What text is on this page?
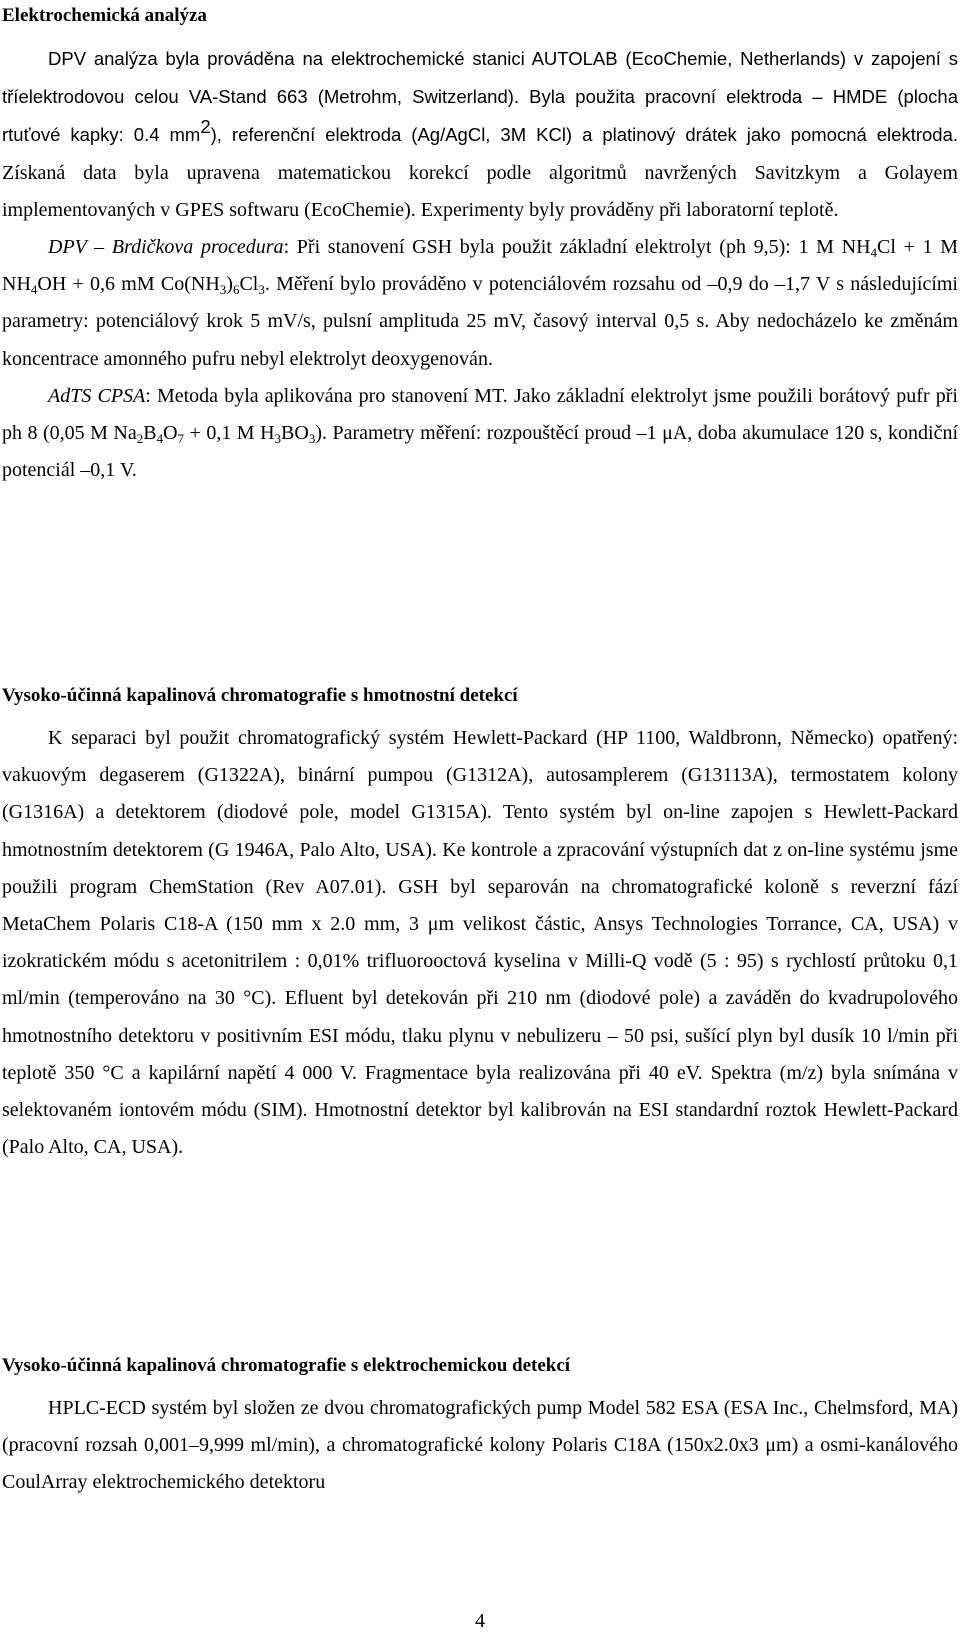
Elektrochemická analýza

DPV analýza byla prováděna na elektrochemické stanici AUTOLAB (EcoChemie, Netherlands) v zapojení s tříelektrodovou celou VA-Stand 663 (Metrohm, Switzerland). Byla použita pracovní elektroda – HMDE (plocha rtuťové kapky: 0.4 $mm^2$), referenční elektroda (Ag/AgCl, 3M KCl) a platinový drátek jako pomocná elektroda. Získaná data byla upravena matematickou korekcí podle algoritmů navržených Savitzkym a Golayem implementovaných v GPES softwaru (EcoChemie). Experimenty byly prováděny při laboratorní teplotě.

DPV – Brdičkova procedura: Při stanovení GSH byla použit základní elektrolyt (ph 9,5): 1 M $NH_4Cl + 1$ M $NH_4OH + 0,6$ mM $Co(NH_3)_6Cl_3$. Měření bylo prováděno v potenciálovém rozsahu od –0,9 do –1,7 V s následujícími parametry: potenciálový krok 5 mV/s, pulsní amplituda 25 mV, časový interval 0,5 s. Aby nedocházelo ke změnám koncentrace amonného pufru nebyl elektrolyt deoxygenován.

AdTS CPSA: Metoda byla aplikována pro stanovení MT. Jako základní elektrolyt jsme použili borátový pufr při ph 8 (0,05 M $Na_2B_4O_7 + 0,1$ M $H_3BO_3$). Parametry měření: rozpouštěcí proud –1 μA, doba akumulace 120 s, kondiční potenciál –0,1 V.

Vysoko-účinná kapalinová chromatografie s hmotnostní detekcí

K separaci byl použit chromatografický systém Hewlett-Packard (HP 1100, Waldbronn, Německo) opatřený: vakuovým degaserem (G1322A), binární pumpou (G1312A), autosamplerem (G13113A), termostatem kolony (G1316A) a detektorem (diodové pole, model G1315A). Tento systém byl on-line zapojen s Hewlett-Packard hmotnostním detektorem (G 1946A, Palo Alto, USA). Ke kontrole a zpracování výstupních dat z on-line systému jsme použili program ChemStation (Rev A07.01). GSH byl separován na chromatografické koloně s reverzní fází MetaChem Polaris C18-A (150 mm x 2.0 mm, 3 μm velikost částic, Ansys Technologies Torrance, CA, USA) v izokratickém módu s acetonitrilem : 0,01% trifluorooctová kyselina v Milli-Q vodě (5 : 95) s rychlostí průtoku 0,1 ml/min (temperováno na 30 °C). Efluent byl detekován při 210 nm (diodové pole) a zaváděn do kvadrupolového hmotnostního detektoru v positivním ESI módu, tlaku plynu v nebulizeru – 50 psi, sušící plyn byl dusík 10 l/min při teplotě 350 °C a kapilární napětí 4 000 V. Fragmentace byla realizována při 40 eV. Spektra (m/z) byla snímána v selektovaném iontovém módu (SIM). Hmotnostní detektor byl kalibrován na ESI standardní roztok Hewlett-Packard (Palo Alto, CA, USA).

Vysoko-účinná kapalinová chromatografie s elektrochemickou detekcí

HPLC-ECD systém byl složen ze dvou chromatografických pump Model 582 ESA (ESA Inc., Chelmsford, MA) (pracovní rozsah 0,001–9,999 ml/min), a chromatografické kolony Polaris C18A (150x2.0x3 μm) a osmi-kanálového CoulArray elektrochemického detektoru

4
